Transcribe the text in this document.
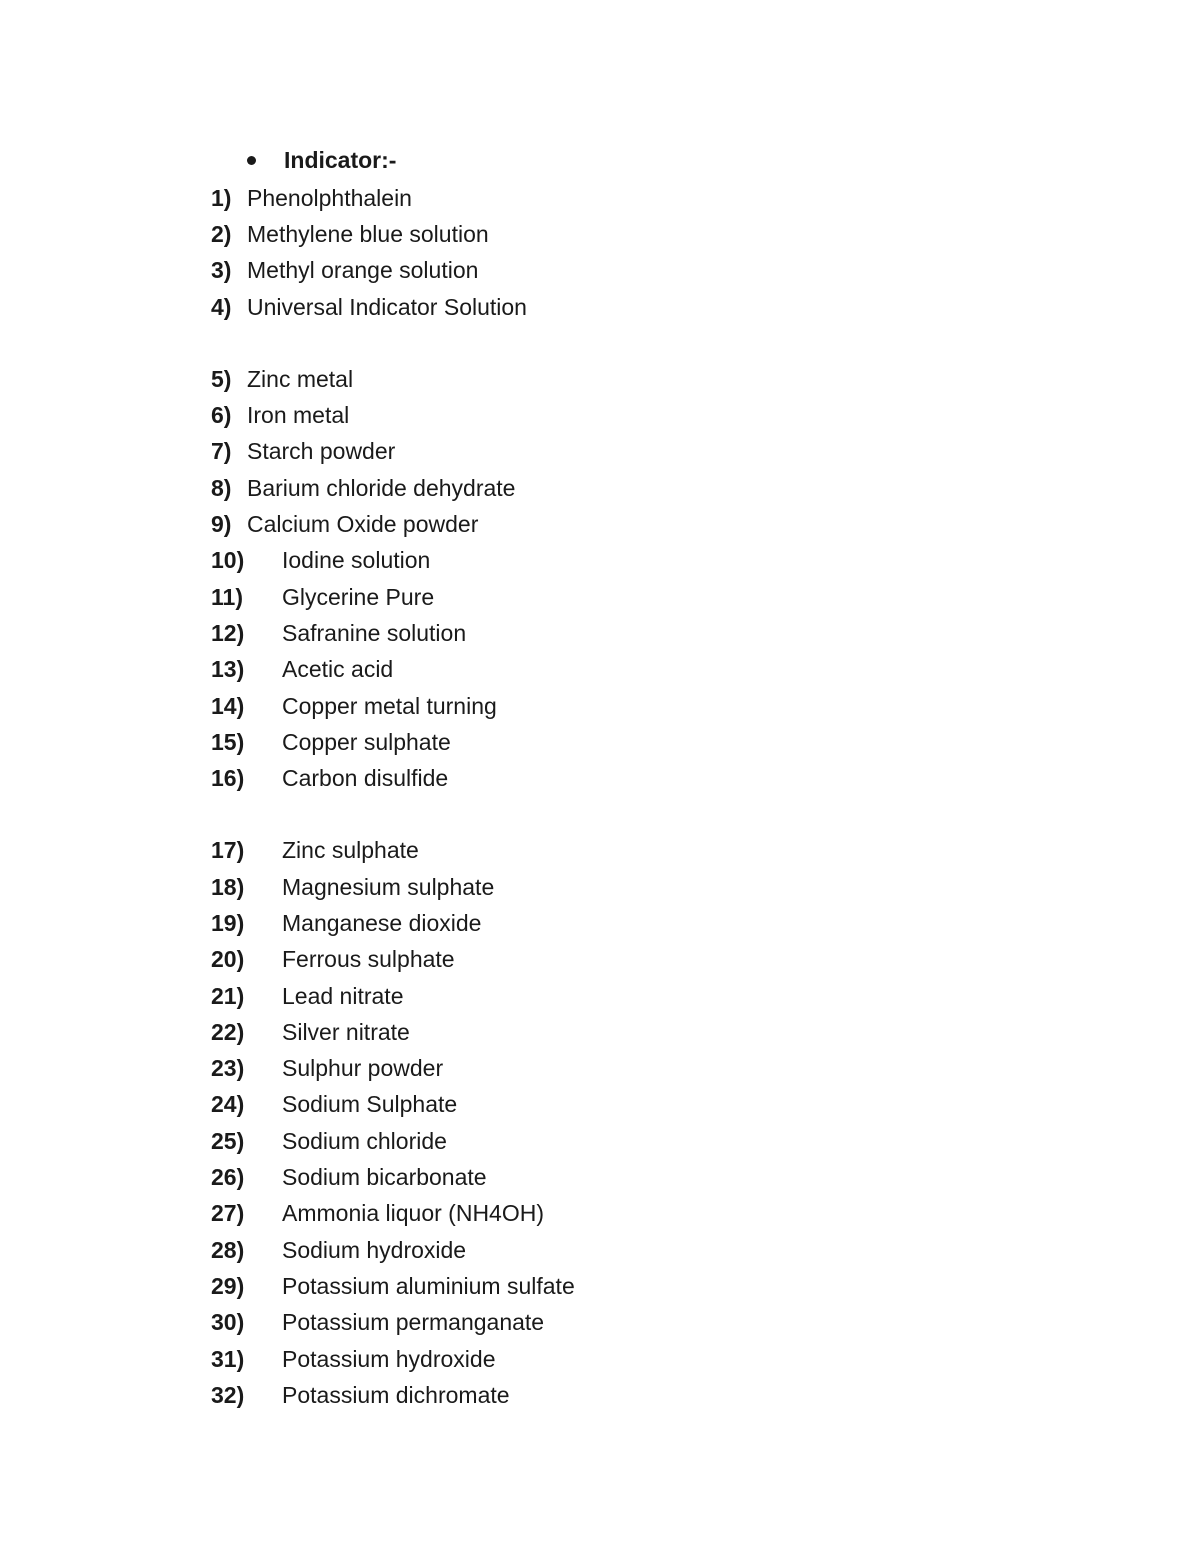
Indicator:-
1) Phenolphthalein
2) Methylene blue solution
3) Methyl orange solution
4) Universal Indicator Solution
5) Zinc metal
6) Iron metal
7) Starch powder
8) Barium chloride dehydrate
9) Calcium Oxide powder
10)	Iodine solution
11)	Glycerine Pure
12)	Safranine solution
13)	Acetic acid
14)	Copper metal turning
15)	Copper sulphate
16)	Carbon disulfide
17)	Zinc sulphate
18)	Magnesium sulphate
19)	Manganese dioxide
20)	Ferrous sulphate
21)	Lead nitrate
22)	Silver nitrate
23)	Sulphur powder
24)	Sodium Sulphate
25)	Sodium chloride
26)	Sodium bicarbonate
27)	Ammonia liquor (NH4OH)
28)	Sodium hydroxide
29)	Potassium aluminium sulfate
30)	Potassium permanganate
31)	Potassium hydroxide
32)	Potassium dichromate
